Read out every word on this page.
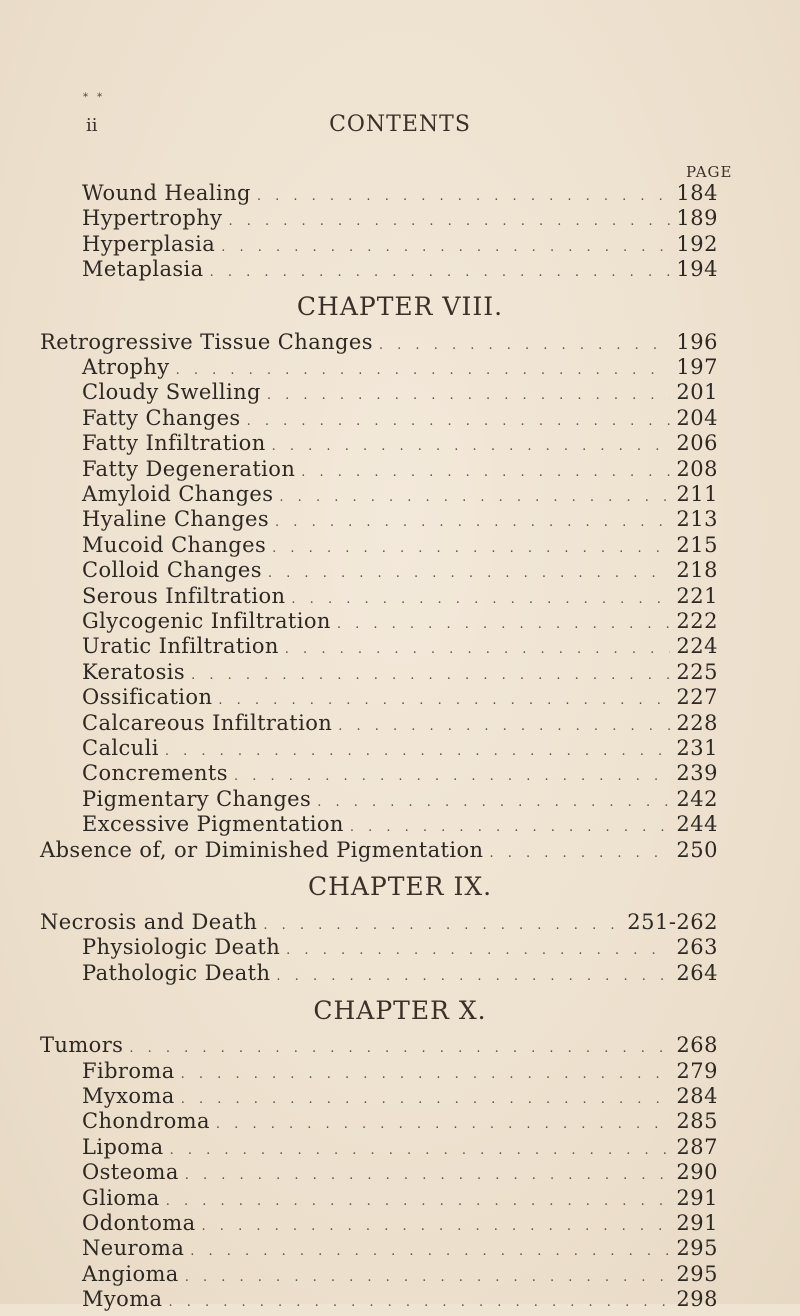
* *
ii	CONTENTS
PAGE
Wound Healing . . .	184
Hypertrophy . . .	189
Hyperplasia . . .	192
Metaplasia . . .	194
CHAPTER VIII.
Retrogressive Tissue Changes . . .	196
Atrophy . . .	197
Cloudy Swelling . . .	201
Fatty Changes . . .	204
Fatty Infiltration . . .	206
Fatty Degeneration . . .	208
Amyloid Changes . . .	211
Hyaline Changes . . .	213
Mucoid Changes . . .	215
Colloid Changes . . .	218
Serous Infiltration . . .	221
Glycogenic Infiltration . . .	222
Uratic Infiltration . . .	224
Keratosis . . .	225
Ossification . . .	227
Calcareous Infiltration . . .	228
Calculi . . .	231
Concrements . . .	239
Pigmentary Changes . . .	242
Excessive Pigmentation . . .	244
Absence of, or Diminished Pigmentation . . .	250
CHAPTER IX.
Necrosis and Death . . .	251-262
Physiologic Death . . .	263
Pathologic Death . . .	264
CHAPTER X.
Tumors . . .	268
Fibroma . . .	279
Myxoma . . .	284
Chondroma . . .	285
Lipoma . . .	287
Osteoma . . .	290
Glioma . . .	291
Odontoma . . .	291
Neuroma . . .	295
Angioma . . .	295
Myoma . . .	298
